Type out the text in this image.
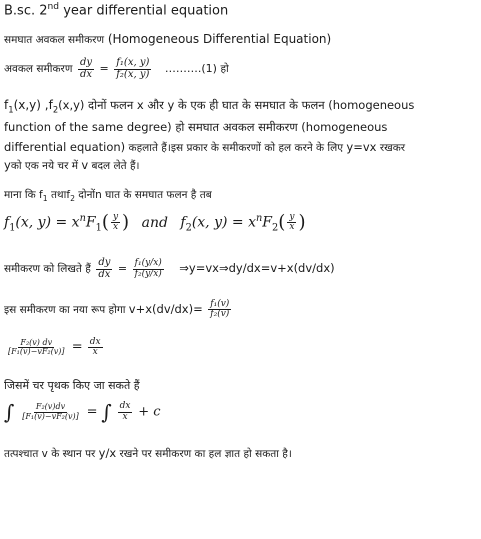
B.sc. 2nd year differential equation
समघात अवकल समीकरण (Homogeneous Differential Equation)
अवकल समीकरण $\frac{dy}{dx} = \frac{\text{f₁(x, y)}}{\text{f₂(x, y)}}$ ……….(1) हो
$f_1(x,y)$ $,f_2(x,y)$ दोनों फलन x और y के एक ही घात के समघात के फलन (homogeneous
function of the same degree) हो समघात अवकल समीकरण (homogeneous
differential equation) कहलाते हैं।इस प्रकार के समीकरणों को हल करने के लिए y=vx रखकर
yको एक नये चर में v बदल लेते हैं।
माना कि $f_1$ $तथाf_2$ दोनोंn घात के समघात फलन है तब
$f_1(x$, $y) = x^nF_1( \frac{y}{x}$ ) and $f_2(x$, $y) = x^nF_2( \frac{y}{x}$ )
समीकरण को लिखते हैं $\frac{dy}{dx} = \frac{\text{f₁(y/x)}}{\text{f₂(y/x)}}$ ⇒y=vx⇒dy/dx=v+x(dv/dx)
इस समीकरण का नया रूप होगा $v+x(dv/dx)= \frac{\text{f₁(v)}}{\text{f₂(v)}}$
$\frac{\text{F₂(v) dv}}{\text{[F₁(v)−vF₂(v)]}} = \frac{dx}{x}$
जिसमें चर पृथक किए जा सकते हैं
∫ $\frac{\text{F₂(v)dv}}{\text{[F₁(v)−vF₂(v)]}}$ = ∫ $\frac{dx}{x} + c$
तत्पश्चात v के स्थान पर y/x रखने पर समीकरण का हल ज्ञात हो सकता है।
